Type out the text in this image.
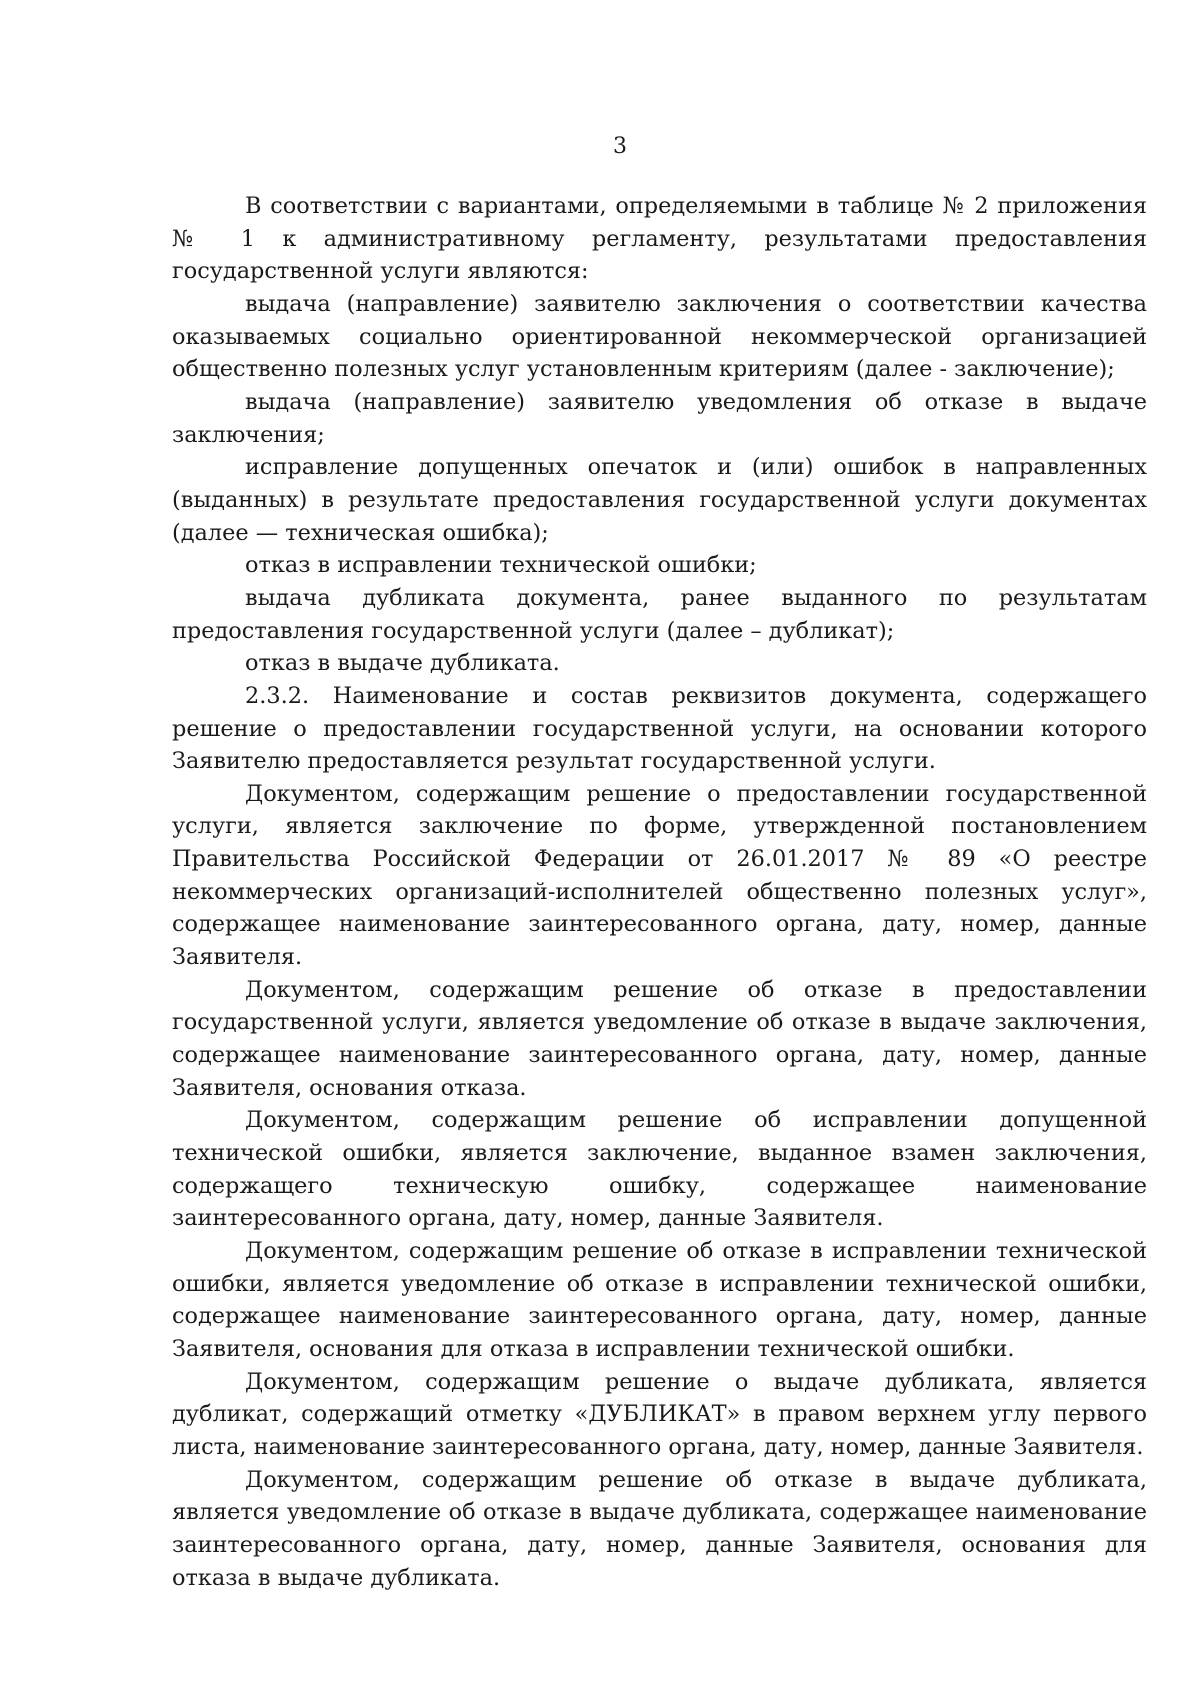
3

В соответствии с вариантами, определяемыми в таблице № 2 приложения № 1 к административному регламенту, результатами предоставления государственной услуги являются:

выдача (направление) заявителю заключения о соответствии качества оказываемых социально ориентированной некоммерческой организацией общественно полезных услуг установленным критериям (далее - заключение);

выдача (направление) заявителю уведомления об отказе в выдаче заключения;

исправление допущенных опечаток и (или) ошибок в направленных (выданных) в результате предоставления государственной услуги документах (далее — техническая ошибка);

отказ в исправлении технической ошибки;

выдача дубликата документа, ранее выданного по результатам предоставления государственной услуги (далее – дубликат);

отказ в выдаче дубликата.

2.3.2. Наименование и состав реквизитов документа, содержащего решение о предоставлении государственной услуги, на основании которого Заявителю предоставляется результат государственной услуги.

Документом, содержащим решение о предоставлении государственной услуги, является заключение по форме, утвержденной постановлением Правительства Российской Федерации от 26.01.2017 № 89 «О реестре некоммерческих организаций-исполнителей общественно полезных услуг», содержащее наименование заинтересованного органа, дату, номер, данные Заявителя.

Документом, содержащим решение об отказе в предоставлении государственной услуги, является уведомление об отказе в выдаче заключения, содержащее наименование заинтересованного органа, дату, номер, данные Заявителя, основания отказа.

Документом, содержащим решение об исправлении допущенной технической ошибки, является заключение, выданное взамен заключения, содержащего техническую ошибку, содержащее наименование заинтересованного органа, дату, номер, данные Заявителя.

Документом, содержащим решение об отказе в исправлении технической ошибки, является уведомление об отказе в исправлении технической ошибки, содержащее наименование заинтересованного органа, дату, номер, данные Заявителя, основания для отказа в исправлении технической ошибки.

Документом, содержащим решение о выдаче дубликата, является дубликат, содержащий отметку «ДУБЛИКАТ» в правом верхнем углу первого листа, наименование заинтересованного органа, дату, номер, данные Заявителя.

Документом, содержащим решение об отказе в выдаче дубликата, является уведомление об отказе в выдаче дубликата, содержащее наименование заинтересованного органа, дату, номер, данные Заявителя, основания для отказа в выдаче дубликата.
